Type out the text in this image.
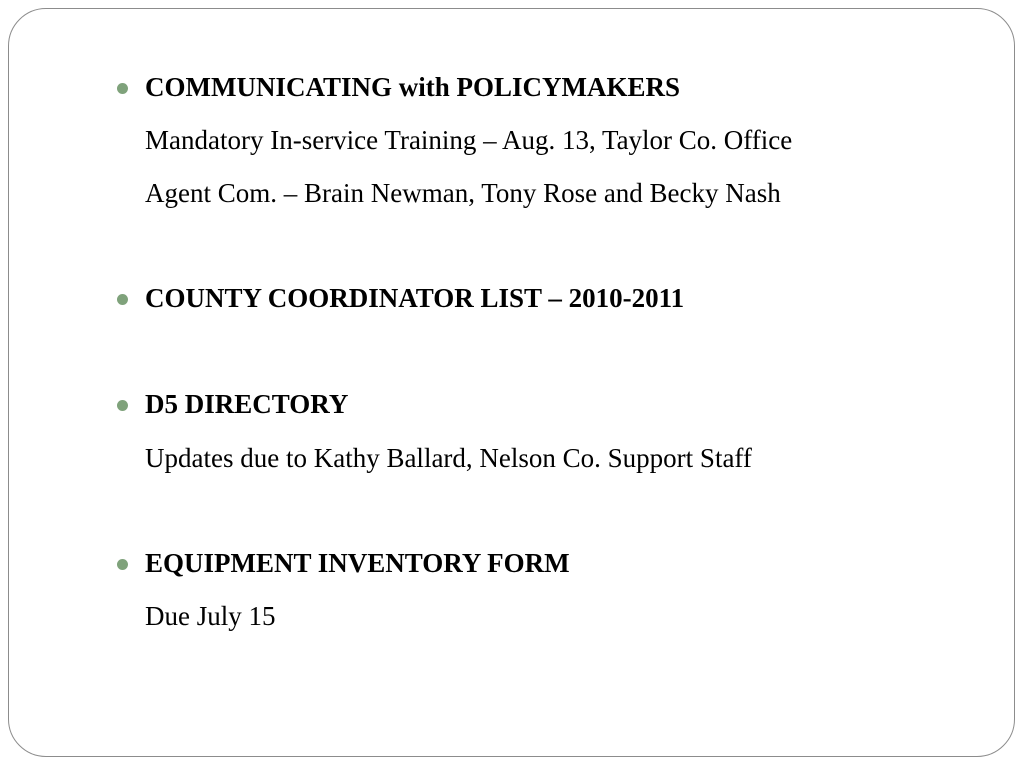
COMMUNICATING with POLICYMAKERS
Mandatory In-service Training – Aug. 13, Taylor Co. Office
Agent Com. – Brain Newman, Tony Rose and Becky Nash
COUNTY COORDINATOR LIST – 2010-2011
D5 DIRECTORY
Updates due to Kathy Ballard, Nelson Co. Support Staff
EQUIPMENT INVENTORY FORM
Due July 15
